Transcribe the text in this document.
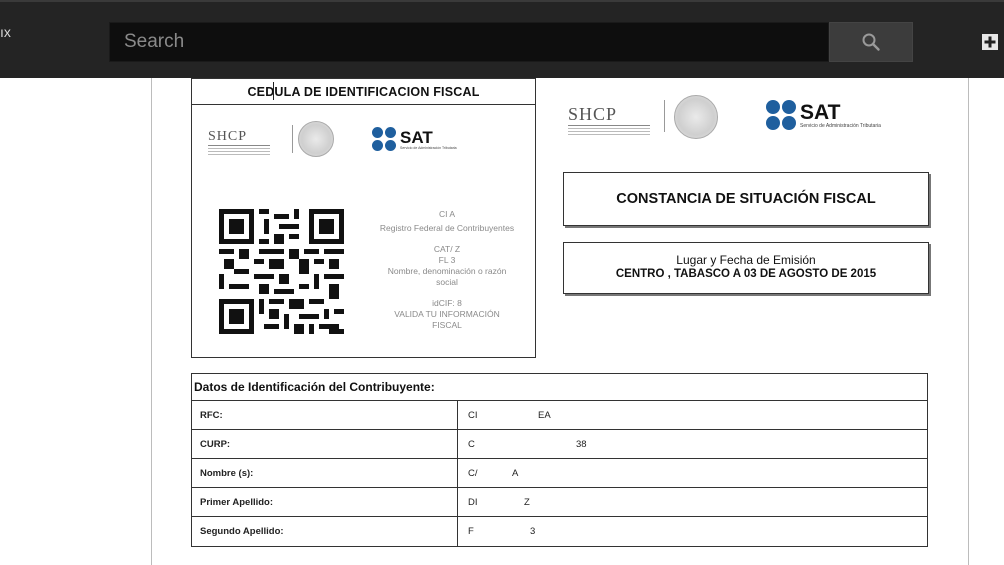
ıx
Search
CEDULA DE IDENTIFICACION FISCAL
SHCP	SAT
Servicio de Administración Tributaria
CI A
Registro Federal de Contribuyentes
CAT/ Z
FL 3
Nombre, denominación o razón social
idCIF: 8
VALIDA TU INFORMACIÓN FISCAL
SHCP	SAT
Servicio de Administración Tributaria
CONSTANCIA DE SITUACIÓN FISCAL
Lugar y Fecha de Emisión
CENTRO , TABASCO A 03 DE AGOSTO DE 2015
Datos de Identificación del Contribuyente:
RFC:	CI	EA
CURP:	C	38
Nombre (s):	C/	A
Primer Apellido:	DI	Z
Segundo Apellido:	F	3
